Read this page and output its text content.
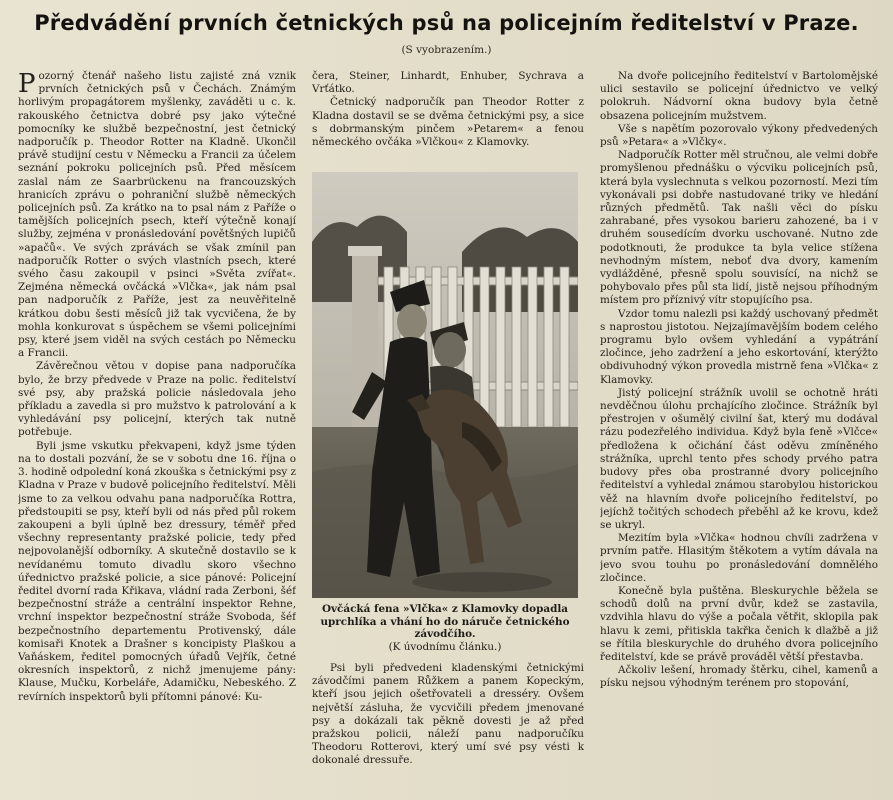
Předvádění prvních četnických psů na policejním ředitelství v Praze.
(S vyobrazením.)

Pozorný čtenář našeho listu zajisté zná vznik prvních četnických psů v Čechách. Známým horlivým propagátorem myšlenky, zaváděti u c. k. rakouského četnictva dobré psy jako výtečné pomocníky ke službě bezpečnostní, jest četnický nadporučík p. Theodor Rotter na Kladně. Ukončil právě studijní cestu v Německu a Francii za účelem seznání pokroku policejních psů. Před měsícem zaslal nám ze Saarbrückenu na francouzských hranicích zprávu o pohraniční službě německých policejních psů. Za krátko na to psal nám z Paříže o tamějších policejních psech, kteří výtečně konají služby, zejména v pronásledování povětšných lupičů »apačů«. Ve svých zprávách se však zmínil pan nadporučík Rotter o svých vlastních psech, které svého času zakoupil v psinci »Světa zvířat«. Zejména německá ovčácká »Vlčka«, jak nám psal pan nadporučík z Paříže, jest za neuvěřitelně krátkou dobu šesti měsíců již tak vycvičena, že by mohla konkurovat s úspěchem se všemi policejními psy, které jsem viděl na svých cestách po Německu a Francii.

Závěrečnou větou v dopise pana nadporučíka bylo, že brzy předvede v Praze na polic. ředitelství své psy, aby pražská policie následovala jeho příkladu a zavedla si pro mužstvo k patrolování a k vyhledávání psy policejní, kterých tak nutně potřebuje.

Byli jsme vskutku překvapeni, když jsme týden na to dostali pozvání, že se v sobotu dne 16. října o 3. hodině odpolední koná zkouška s četnickými psy z Kladna v Praze v budově policejního ředitelství. Měli jsme to za velkou odvahu pana nadporučíka Rottra, předstoupiti se psy, kteří byli od nás před půl rokem zakoupeni a byli úplně bez dressury, téměř před všechny representanty pražské policie, tedy před nejpovolanější odborníky. A skutečně dostavilo se k nevídanému tomuto divadlu skoro všechno úřednictvo pražské policie, a sice pánové: Policejní ředitel dvorní rada Křikava, vládní rada Zerboni, šéf bezpečnostní stráže a centrální inspektor Rehne, vrchní inspektor bezpečnostní stráže Svoboda, šéf bezpečnostního departementu Protivenský, dále komisaři Knotek a Drašner s koncipisty Plaškou a Vaňáskem, ředitel pomocných úřadů Vejřík, četné okresních inspektorů, z nichž jmenujeme pány: Klause, Mučku, Korbeláře, Adamičku, Nebeského. Z revírních inspektorů byli přítomni pánové: Ku-

čera, Steiner, Linhardt, Enhuber, Sychrava a Vrťátko.

Četnický nadporučík pan Theodor Rotter z Kladna dostavil se se dvěma četnickými psy, a sice s dobrmanským pinčem »Petarem« a fenou německého ovčáka »Vlčkou« z Klamovky.

Ovčácká fena »Vlčka« z Klamovky dopadla uprchlíka a vhání ho do náruče četnického závodčího.
(K úvodnímu článku.)

Psi byli předvedeni kladenskými četnickými závodčími panem Růžkem a panem Kopeckým, kteří jsou jejich ošetřovateli a dresséry. Ovšem největší zásluha, že vycvičili předem jmenované psy a dokázali tak pěkně dovesti je až před pražskou policii, náleží panu nadporučíku Theodoru Rotterovi, který umí své psy vésti k dokonalé dressuře.

Na dvoře policejního ředitelství v Bartolomějské ulici sestavilo se policejní úřednictvo ve velký polokruh. Nádvorní okna budovy byla četně obsazena policejním mužstvem.

Vše s napětím pozorovalo výkony předvedených psů »Petara« a »Vlčky«.

Nadporučík Rotter měl stručnou, ale velmi dobře promyšlenou přednášku o výcviku policejních psů, která byla vyslechnuta s velkou pozorností. Mezi tím vykonávali psi dobře nastudované triky ve hledání různých předmětů. Tak našli věci do písku zahrabané, přes vysokou barieru zahozené, ba i v druhém sousedícím dvorku uschované. Nutno zde podotknouti, že produkce ta byla velice stížena nevhodným místem, neboť dva dvory, kamením vydlážděné, přesně spolu souvisící, na nichž se pohybovalo přes půl sta lidí, jistě nejsou příhodným místem pro příznivý vítr stopujícího psa.

Vzdor tomu nalezli psi každý uschovaný předmět s naprostou jistotou. Nejzajímavějším bodem celého programu bylo ovšem vyhledání a vypátrání zločince, jeho zadržení a jeho eskortování, kterýžto obdivuhodný výkon provedla mistrně fena »Vlčka« z Klamovky.

Jistý policejní strážník uvolil se ochotně hráti nevděčnou úlohu prchajícího zločince. Strážník byl přestrojen v ošumělý civilní šat, který mu dodával rázu podezřelého individua. Když byla feně »Vlčce« předložena k očichání část oděvu zmíněného strážníka, uprchl tento přes schody prvého patra budovy přes oba prostranné dvory policejního ředitelství a vyhledal známou starobylou historickou věž na hlavním dvoře policejního ředitelství, po jejíchž točitých schodech přeběhl až ke krovu, kdež se ukryl.

Mezitím byla »Vlčka« hodnou chvíli zadržena v prvním patře. Hlasitým štěkotem a vytím dávala na jevo svou touhu po pronásledování domnělého zločince.

Konečně byla puštěna. Bleskurychle běžela se schodů dolů na první dvůr, kdež se zastavila, vzdvihla hlavu do výše a počala větřit, sklopila pak hlavu k zemi, přitiskla takřka čenich k dlažbě a již se řítila bleskurychle do druhého dvora policejního ředitelství, kde se právě prováděl větší přestavba.

Ačkoliv lešení, hromady štěrku, cihel, kamenů a písku nejsou výhodným terénem pro stopování,
